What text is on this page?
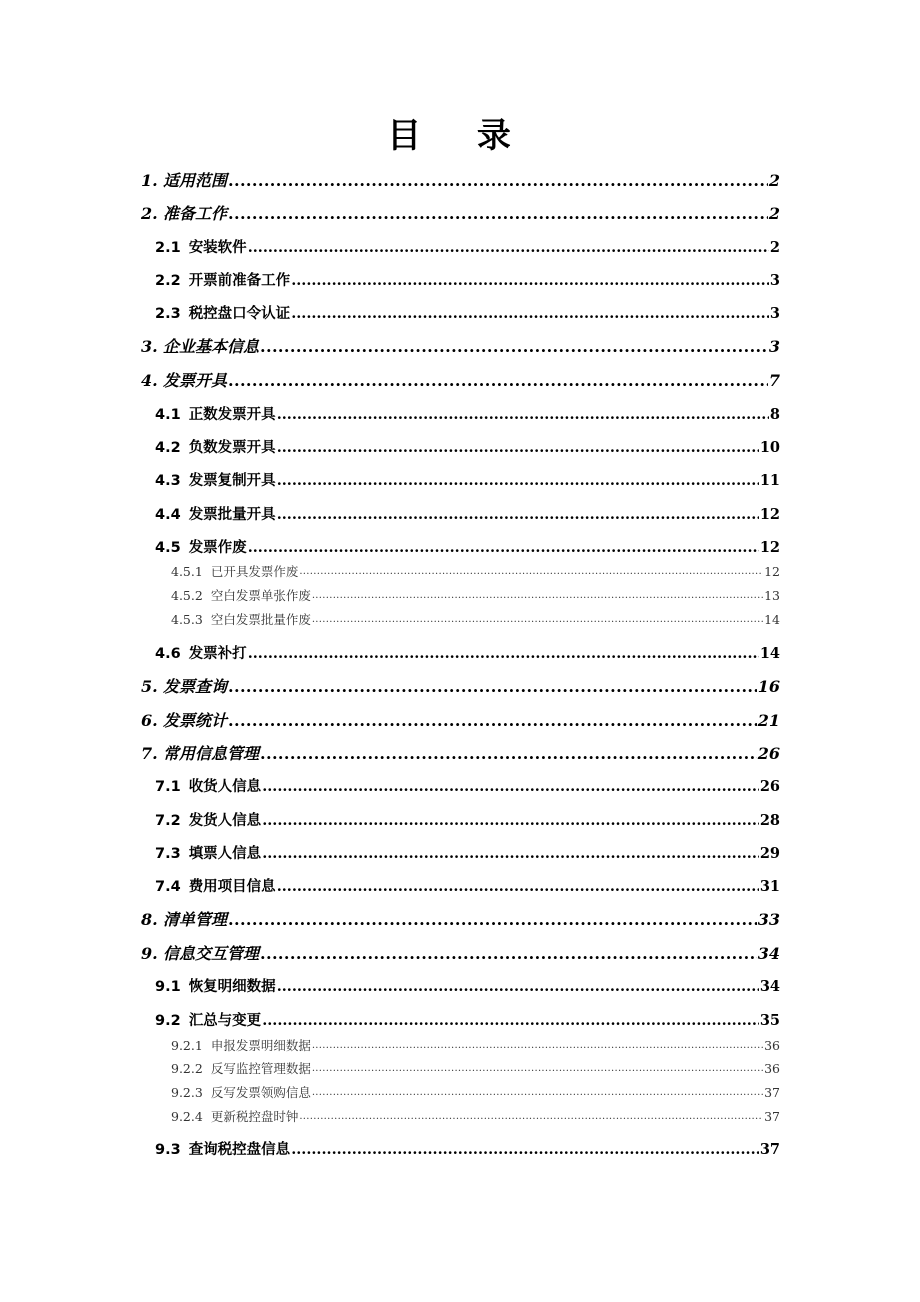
目 录
1. 适用范围 .....	2
2. 准备工作 .....	2
2.1 安装软件 .....	2
2.2 开票前准备工作 .....	3
2.3 税控盘口令认证 .....	3
3. 企业基本信息 .....	3
4. 发票开具 .....	7
4.1 正数发票开具 .....	8
4.2 负数发票开具 .....	10
4.3 发票复制开具 .....	11
4.4 发票批量开具 .....	12
4.5 发票作废 .....	12
4.5.1 已开具发票作废 .....	12
4.5.2 空白发票单张作废 .....	13
4.5.3 空白发票批量作废 .....	14
4.6 发票补打 .....	14
5. 发票查询 .....	16
6. 发票统计 .....	21
7. 常用信息管理 .....	26
7.1 收货人信息 .....	26
7.2 发货人信息 .....	28
7.3 填票人信息 .....	29
7.4 费用项目信息 .....	31
8. 清单管理 .....	33
9. 信息交互管理 .....	34
9.1 恢复明细数据 .....	34
9.2 汇总与变更 .....	35
9.2.1 申报发票明细数据 .....	36
9.2.2 反写监控管理数据 .....	36
9.2.3 反写发票领购信息 .....	37
9.2.4 更新税控盘时钟 .....	37
9.3 查询税控盘信息 .....	37
